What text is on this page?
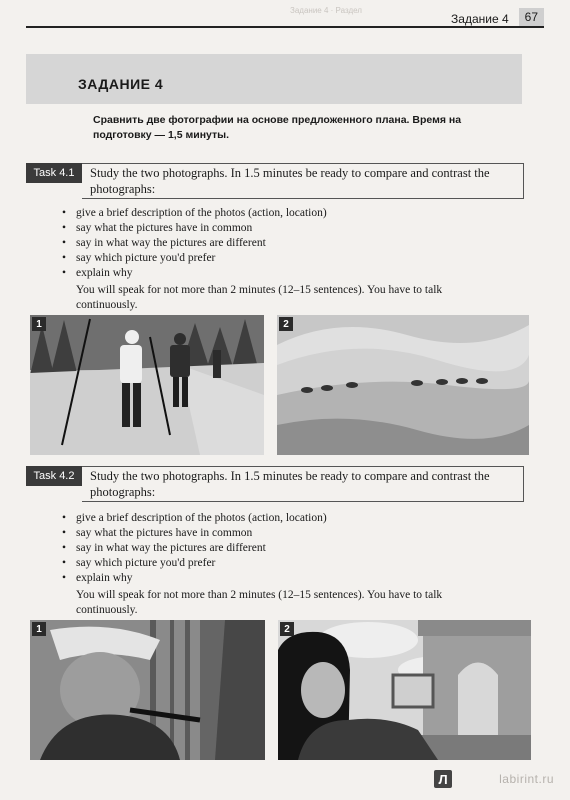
Задание 4 · Раздел
Задание 4	67
ЗАДАНИЕ 4
Сравнить две фотографии на основе предложенного плана. Время на подготовку — 1,5 минуты.
Task 4.1	Study the two photographs. In 1.5 minutes be ready to compare and contrast the photographs:
• give a brief description of the photos (action, location)
• say what the pictures have in common
• say in what way the pictures are different
• say which picture you'd prefer
• explain why
You will speak for not more than 2 minutes (12–15 sentences). You have to talk continuously.
1	2
Task 4.2	Study the two photographs. In 1.5 minutes be ready to compare and contrast the photographs:
• give a brief description of the photos (action, location)
• say what the pictures have in common
• say in what way the pictures are different
• say which picture you'd prefer
• explain why
You will speak for not more than 2 minutes (12–15 sentences). You have to talk continuously.
1	2
Л	labirint.ru
